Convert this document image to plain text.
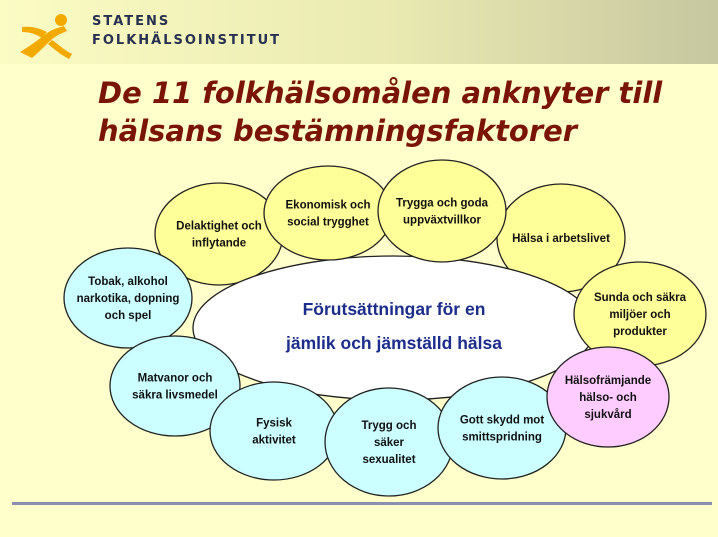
STATENS
FOLKHÄLSOINSTITUT
De 11 folkhälsomålen anknyter till
hälsans bestämningsfaktorer
Delaktighet och
inflytande	Hälsa i arbetslivet
Tobak, alkohol
narkotika, dopning
och spel	Förutsättningar för en
jämlik och jämställd hälsa
Sunda och säkra
miljöer och
produkter
Matvanor och
säkra livsmedel
Fysisk
aktivitet
Trygg och
säker
sexualitet
Gott skydd mot
smittspridning
Ekonomisk och
social trygghet
Trygga och goda
uppväxtvillkor
Hälsofrämjande
hälso- och
sjukvård
